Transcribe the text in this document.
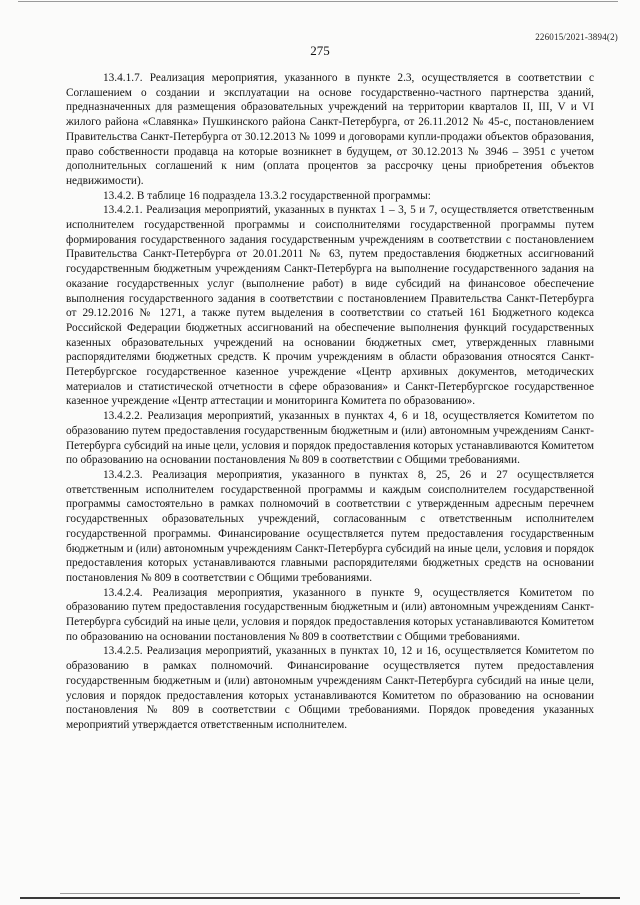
226015/2021-3894(2)
275

13.4.1.7. Реализация мероприятия, указанного в пункте 2.3, осуществляется в соответствии с Соглашением о создании и эксплуатации на основе государственно-частного партнерства зданий, предназначенных для размещения образовательных учреждений на территории кварталов II, III, V и VI жилого района «Славянка» Пушкинского района Санкт-Петербурга, от 26.11.2012 № 45-с, постановлением Правительства Санкт-Петербурга от 30.12.2013 № 1099 и договорами купли-продажи объектов образования, право собственности продавца на которые возникнет в будущем, от 30.12.2013 № 3946 – 3951 с учетом дополнительных соглашений к ним (оплата процентов за рассрочку цены приобретения объектов недвижимости).

13.4.2. В таблице 16 подраздела 13.3.2 государственной программы:

13.4.2.1. Реализация мероприятий, указанных в пунктах 1 – 3, 5 и 7, осуществляется ответственным исполнителем государственной программы и соисполнителями государственной программы путем формирования государственного задания государственным учреждениям в соответствии с постановлением Правительства Санкт-Петербурга от 20.01.2011 № 63, путем предоставления бюджетных ассигнований государственным бюджетным учреждениям Санкт-Петербурга на выполнение государственного задания на оказание государственных услуг (выполнение работ) в виде субсидий на финансовое обеспечение выполнения государственного задания в соответствии с постановлением Правительства Санкт-Петербурга от 29.12.2016 № 1271, а также путем выделения в соответствии со статьей 161 Бюджетного кодекса Российской Федерации бюджетных ассигнований на обеспечение выполнения функций государственных казенных образовательных учреждений на основании бюджетных смет, утвержденных главными распорядителями бюджетных средств. К прочим учреждениям в области образования относятся Санкт-Петербургское государственное казенное учреждение «Центр архивных документов, методических материалов и статистической отчетности в сфере образования» и Санкт-Петербургское государственное казенное учреждение «Центр аттестации и мониторинга Комитета по образованию».

13.4.2.2. Реализация мероприятий, указанных в пунктах 4, 6 и 18, осуществляется Комитетом по образованию путем предоставления государственным бюджетным и (или) автономным учреждениям Санкт-Петербурга субсидий на иные цели, условия и порядок предоставления которых устанавливаются Комитетом по образованию на основании постановления № 809 в соответствии с Общими требованиями.

13.4.2.3. Реализация мероприятия, указанного в пунктах 8, 25, 26 и 27 осуществляется ответственным исполнителем государственной программы и каждым соисполнителем государственной программы самостоятельно в рамках полномочий в соответствии с утвержденным адресным перечнем государственных образовательных учреждений, согласованным с ответственным исполнителем государственной программы. Финансирование осуществляется путем предоставления государственным бюджетным и (или) автономным учреждениям Санкт-Петербурга субсидий на иные цели, условия и порядок предоставления которых устанавливаются главными распорядителями бюджетных средств на основании постановления № 809 в соответствии с Общими требованиями.

13.4.2.4. Реализация мероприятия, указанного в пункте 9, осуществляется Комитетом по образованию путем предоставления государственным бюджетным и (или) автономным учреждениям Санкт-Петербурга субсидий на иные цели, условия и порядок предоставления которых устанавливаются Комитетом по образованию на основании постановления № 809 в соответствии с Общими требованиями.

13.4.2.5. Реализация мероприятий, указанных в пунктах 10, 12 и 16, осуществляется Комитетом по образованию в рамках полномочий. Финансирование осуществляется путем предоставления государственным бюджетным и (или) автономным учреждениям Санкт-Петербурга субсидий на иные цели, условия и порядок предоставления которых устанавливаются Комитетом по образованию на основании постановления № 809 в соответствии с Общими требованиями. Порядок проведения указанных мероприятий утверждается ответственным исполнителем.
